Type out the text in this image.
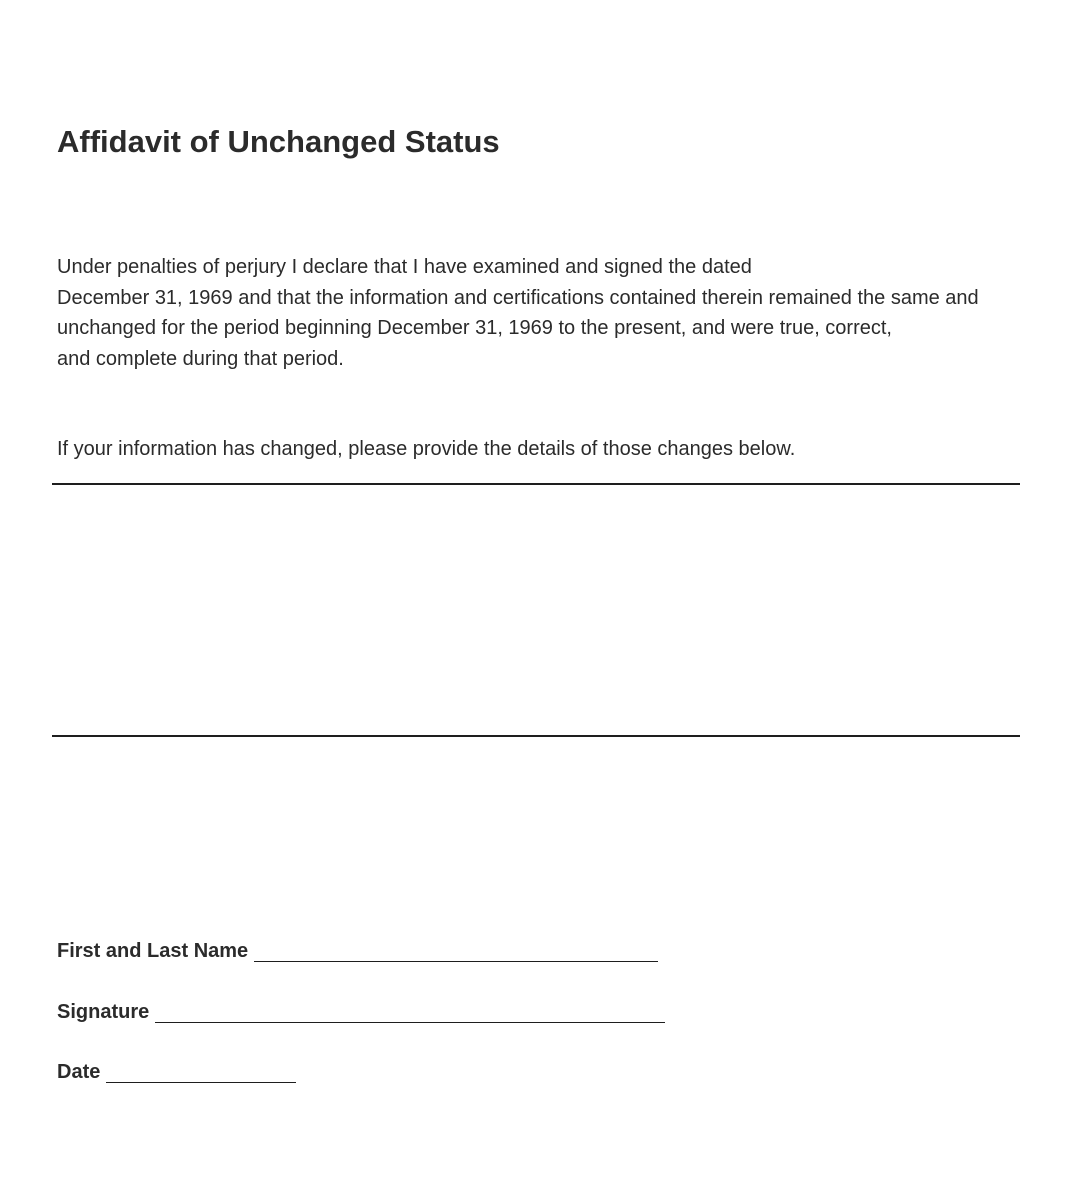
Affidavit of Unchanged Status

Under penalties of perjury I declare that I have examined and signed the dated
December 31, 1969 and that the information and certifications contained therein remained the same and
unchanged for the period beginning December 31, 1969 to the present, and were true, correct,
and complete during that period.

If your information has changed, please provide the details of those changes below.

First and Last Name
Signature
Date
